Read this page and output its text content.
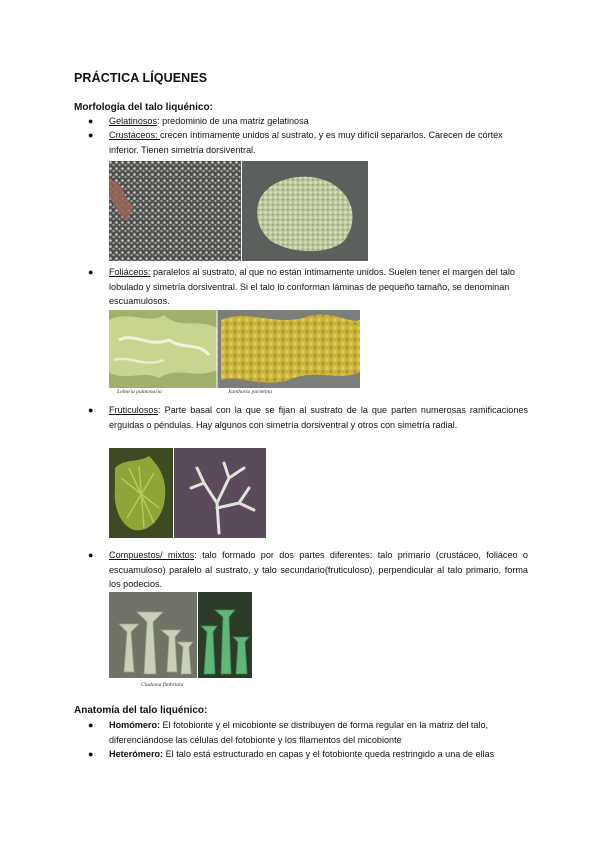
PRÁCTICA LÍQUENES
Morfología del talo liquénico:
● Gelatinosos: predominio de una matriz gelatinosa
● Crustáceos: crecen íntimamente unidos al sustrato, y es muy difícil separarlos. Carecen de córtex inferior. Tienen simetría dorsiventral.
● Foliáceos: paralelos al sustrato, al que no están íntimamente unidos. Suelen tener el margen del talo lobulado y simetría dorsiventral. Si el talo lo conforman láminas de pequeño tamaño, se denominan escuamulosos.
Lobaria pulmonaria	Xanthoria parietina
● Fruticulosos: Parte basal con la que se fijan al sustrato de la que parten numerosas ramificaciones erguidas o péndulas. Hay algunos con simetría dorsiventral y otros con simetría radial.
● Compuestos/ mixtos: talo formado por dos partes diferentes: talo primario (crustáceo, foliáceo o escuamuloso) paralelo al sustrato, y talo secundario(fruticuloso), perpendicular al talo primario, forma los podecios.
Cladonia fimbriata
Anatomía del talo liquénico:
● Homómero: El fotobionte y el micobionte se distribuyen de forma regular en la matriz del talo, diferenciándose las células del fotobionte y los filamentos del micobionte
● Heterómero: El talo está estructurado en capas y el fotobionte queda restringido a una de ellas
